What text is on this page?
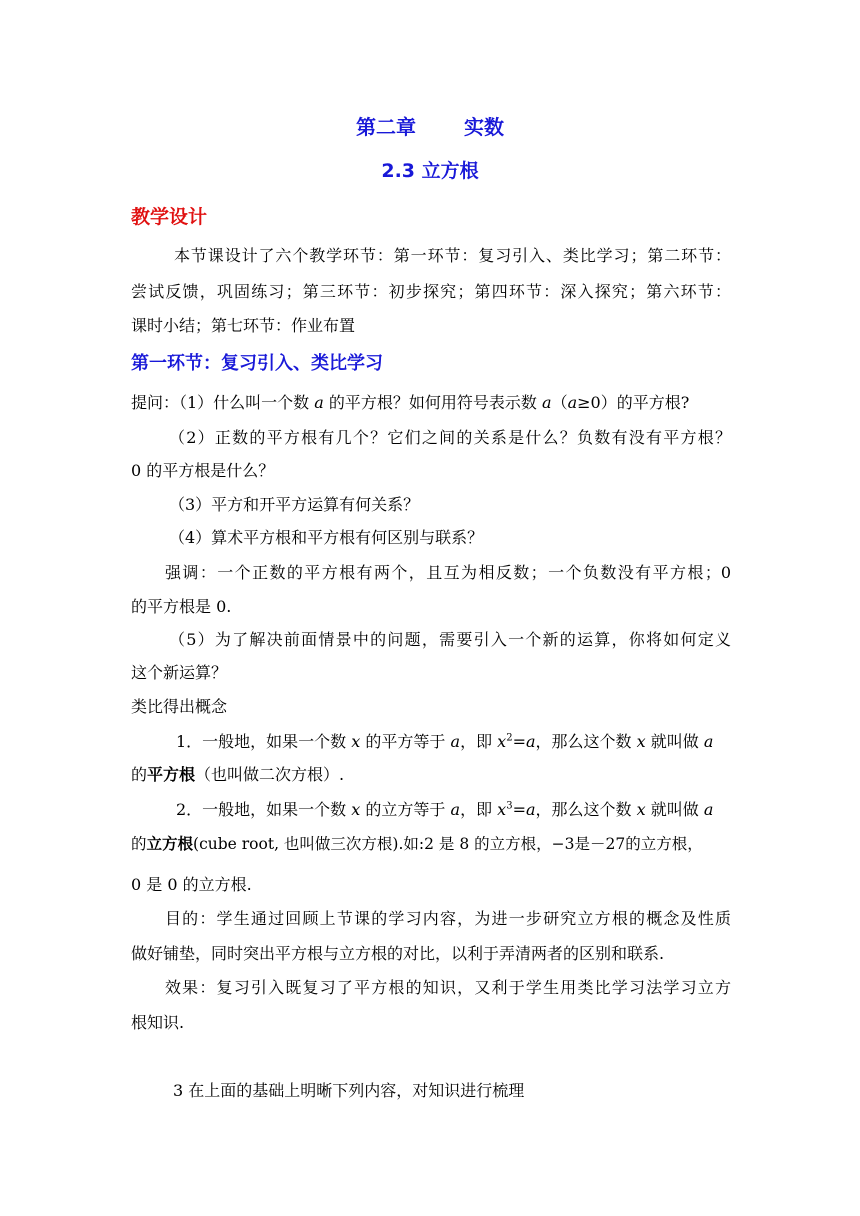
第二章 实数
2.3 立方根
教学设计
本节课设计了六个教学环节：第一环节：复习引入、类比学习；第二环节：
尝试反馈，巩固练习；第三环节：初步探究；第四环节：深入探究；第六环节：
课时小结；第七环节：作业布置
第一环节：复习引入、类比学习
提问：（1）什么叫一个数 a 的平方根？如何用符号表示数 a（a≥0）的平方根?
（2）正数的平方根有几个？它们之间的关系是什么？负数有没有平方根？
0 的平方根是什么？
（3）平方和开平方运算有何关系？
（4）算术平方根和平方根有何区别与联系？
强调：一个正数的平方根有两个，且互为相反数；一个负数没有平方根；0
的平方根是 0.
（5）为了解决前面情景中的问题，需要引入一个新的运算，你将如何定义
这个新运算？
类比得出概念
1．一般地，如果一个数 x 的平方等于 a，即 $x^2=a$，那么这个数 x 就叫做 a
的平方根（也叫做二次方根）.
2．一般地，如果一个数 x 的立方等于 a，即 $x^3=a$，那么这个数 x 就叫做 a
的立方根(cube root, 也叫做三次方根).如:2 是 8 的立方根，−3是－27的立方根，
0 是 0 的立方根.
目的：学生通过回顾上节课的学习内容，为进一步研究立方根的概念及性质
做好铺垫，同时突出平方根与立方根的对比，以利于弄清两者的区别和联系.
效果：复习引入既复习了平方根的知识，又利于学生用类比学习法学习立方
根知识.
3 在上面的基础上明晰下列内容，对知识进行梳理
